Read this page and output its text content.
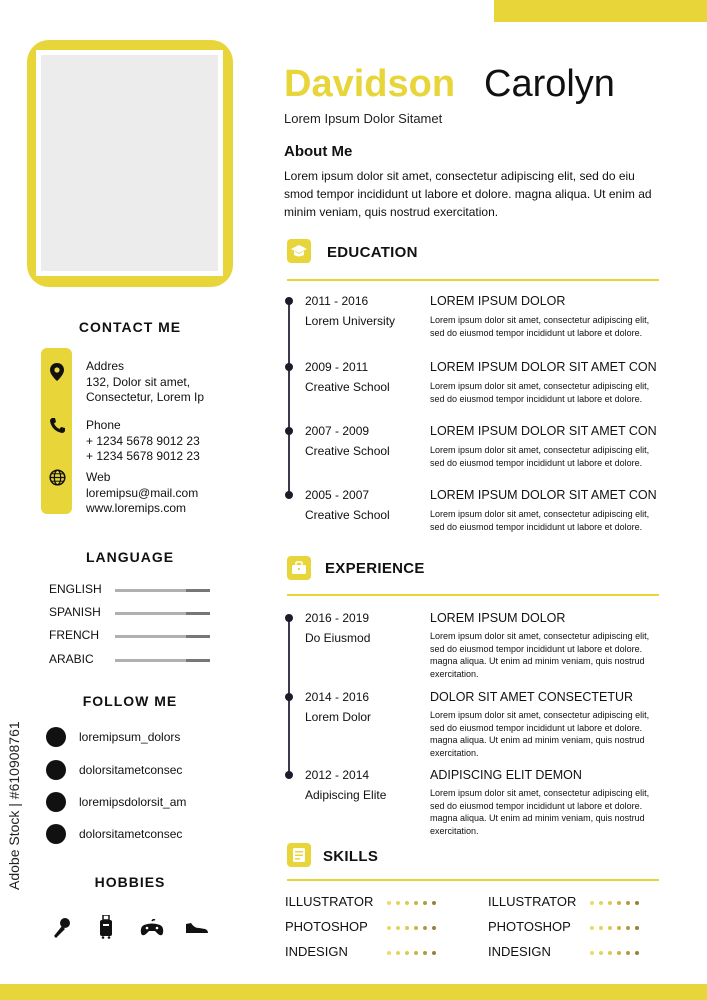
Davidson Carolyn
Lorem Ipsum Dolor Sitamet
About Me
Lorem ipsum dolor sit amet, consectetur adipiscing elit, sed do eiu smod tempor incididunt ut labore et dolore. magna aliqua. Ut enim ad minim veniam, quis nostrud exercitation.
EDUCATION
2011 - 2016
Lorem University
LOREM IPSUM DOLOR
Lorem ipsum dolor sit amet, consectetur adipiscing elit, sed do eiusmod tempor incididunt ut labore et dolore.
2009 - 2011
Creative School
LOREM IPSUM DOLOR SIT AMET CON
Lorem ipsum dolor sit amet, consectetur adipiscing elit, sed do eiusmod tempor incididunt ut labore et dolore.
2007 - 2009
Creative School
LOREM IPSUM DOLOR SIT AMET CON
Lorem ipsum dolor sit amet, consectetur adipiscing elit, sed do eiusmod tempor incididunt ut labore et dolore.
2005 - 2007
Creative School
LOREM IPSUM DOLOR SIT AMET CON
Lorem ipsum dolor sit amet, consectetur adipiscing elit, sed do eiusmod tempor incididunt ut labore et dolore.
EXPERIENCE
2016 - 2019
Do Eiusmod
LOREM IPSUM DOLOR
Lorem ipsum dolor sit amet, consectetur adipiscing elit, sed do eiusmod tempor incididunt ut labore et dolore. magna aliqua. Ut enim ad minim veniam, quis nostrud exercitation.
2014 - 2016
Lorem Dolor
DOLOR SIT AMET CONSECTETUR
Lorem ipsum dolor sit amet, consectetur adipiscing elit, sed do eiusmod tempor incididunt ut labore et dolore. magna aliqua. Ut enim ad minim veniam, quis nostrud exercitation.
2012 - 2014
Adipiscing Elite
ADIPISCING ELIT DEMON
Lorem ipsum dolor sit amet, consectetur adipiscing elit, sed do eiusmod tempor incididunt ut labore et dolore. magna aliqua. Ut enim ad minim veniam, quis nostrud exercitation.
SKILLS
ILLUSTRATOR
PHOTOSHOP
INDESIGN
ILLUSTRATOR
PHOTOSHOP
INDESIGN
CONTACT ME
Addres
132, Dolor sit amet,
Consectetur, Lorem Ip
Phone
+ 1234 5678 9012 23
+ 1234 5678 9012 23
Web
loremipsu@mail.com
www.loremips.com
LANGUAGE
ENGLISH
SPANISH
FRENCH
ARABIC
FOLLOW ME
loremipsum_dolors
dolorsitametconsec
loremipsdolorsit_am
dolorsitametconsec
HOBBIES
Adobe Stock | #610908761
